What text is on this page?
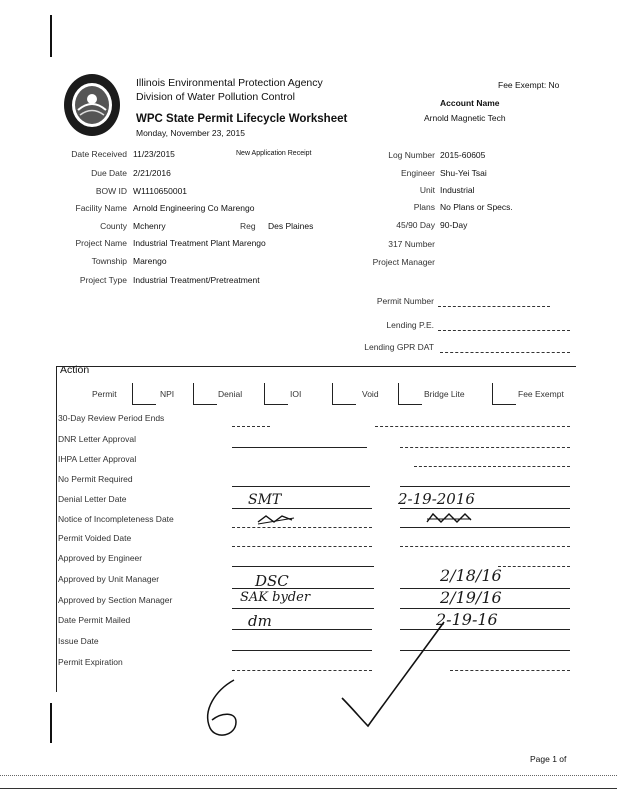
ILLINOIS EPA
Illinois Environmental Protection Agency
Division of Water Pollution Control
WPC State Permit Lifecycle Worksheet
Monday, November 23, 2015
Fee Exempt: No
Account Name
Arnold Magnetic Tech
Date Received 11/23/2015	New Application Receipt
Due Date 2/21/2016
BOW ID W1110650001
Facility Name Arnold Engineering Co Marengo
County Mchenry	Reg Des Plaines
Project Name Industrial Treatment Plant Marengo
Township Marengo
Project Type Industrial Treatment/Pretreatment
Log Number 2015-60605
Engineer Shu-Yei Tsai
Unit Industrial
Plans No Plans or Specs.
45/90 Day 90-Day
317 Number
Project Manager
Permit Number
Lending P.E.
Lending GPR DAT
Action
Permit	NPI	Denial	IOI	Void	Bridge Lite	Fee Exempt
30-Day Review Period Ends
DNR Letter Approval
IHPA Letter Approval
No Permit Required
Denial Letter Date	SMT	2-19-2016
Notice of Incompleteness Date
Permit Voided Date
Approved by Engineer
Approved by Unit Manager	DSC	2/18/16
Approved by Section Manager	SAK byder	2/19/16
Date Permit Mailed	dm	2-19-16
Issue Date
Permit Expiration
Page 1 of
